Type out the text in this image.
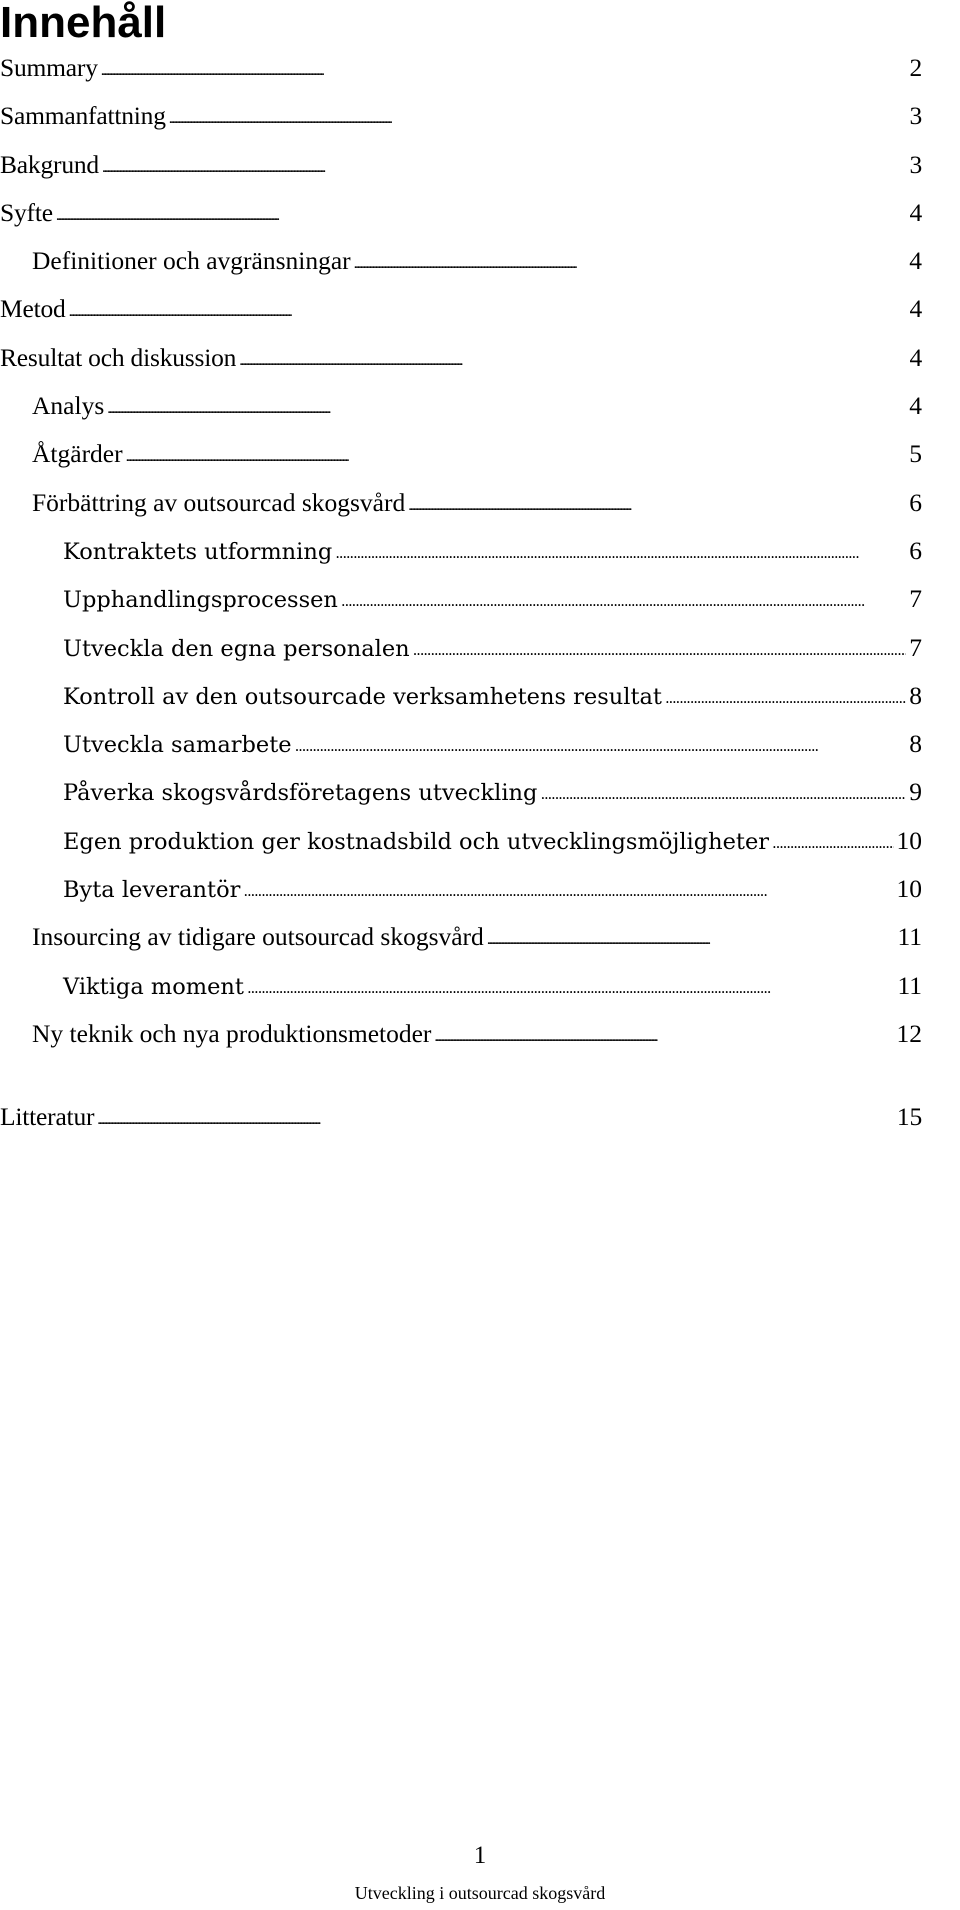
Innehåll
Summary . . .	2
Sammanfattning . . .	3
Bakgrund . . .	3
Syfte . . .	4
Definitioner och avgränsningar . . .	4
Metod . . .	4
Resultat och diskussion . . .	4
Analys . . .	4
Åtgärder . . .	5
Förbättring av outsourcad skogsvård . . .	6
Kontraktets utformning . . .	6
Upphandlingsprocessen . . .	7
Utveckla den egna personalen . . .	7
Kontroll av den outsourcade verksamhetens resultat . . .	8
Utveckla samarbete . . .	8
Påverka skogsvårdsföretagens utveckling . . .	9
Egen produktion ger kostnadsbild och utvecklingsmöjligheter . . .	10
Byta leverantör . . .	10
Insourcing av tidigare outsourcad skogsvård . . .	11
Viktiga moment . . .	11
Ny teknik och nya produktionsmetoder . . .	12
Litteratur . . .	15
1
Utveckling i outsourcad skogsvård
